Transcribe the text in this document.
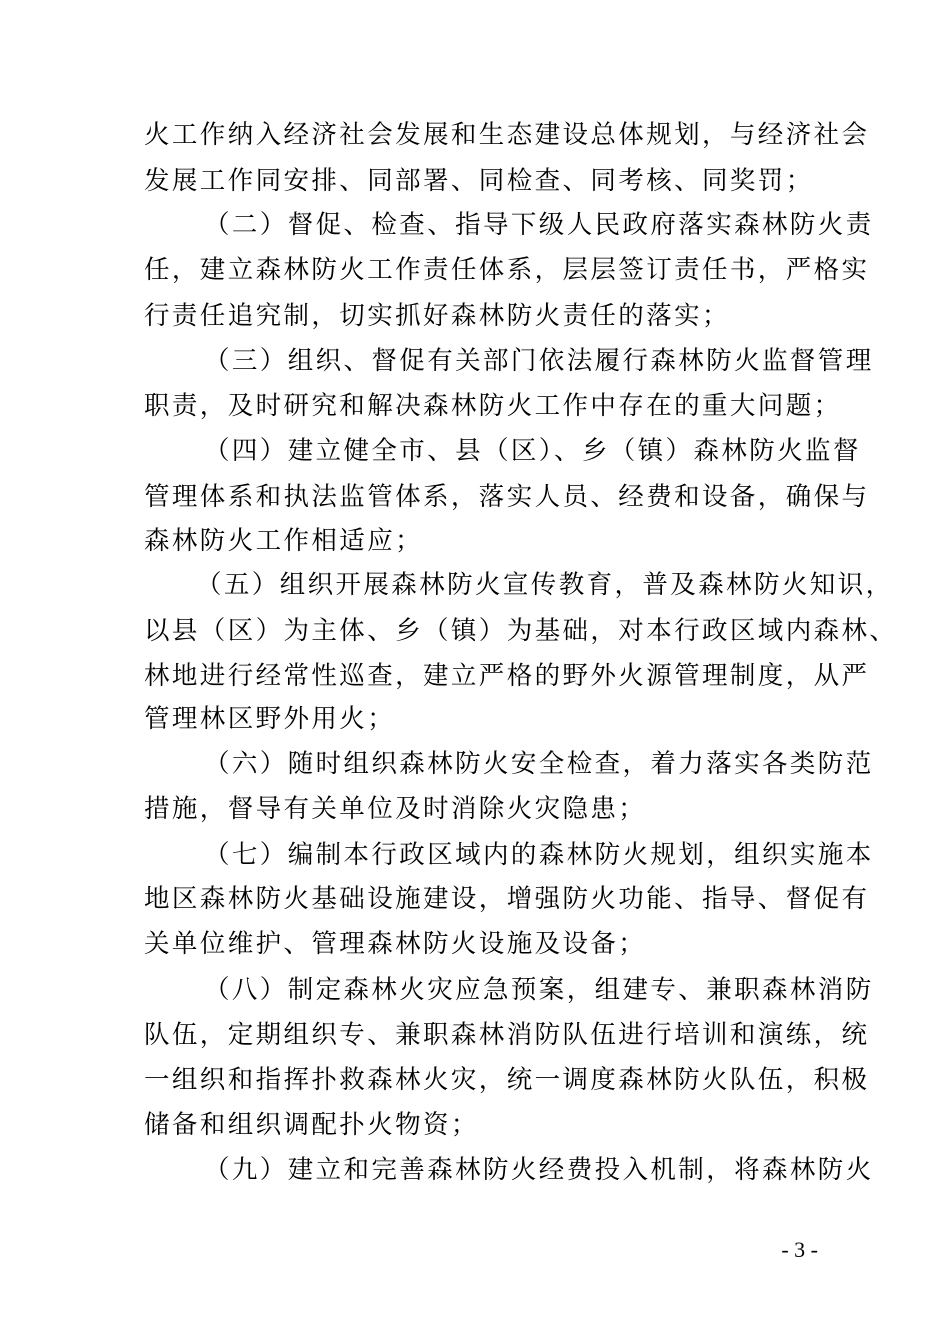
火工作纳入经济社会发展和生态建设总体规划，与经济社会
发展工作同安排、同部署、同检查、同考核、同奖罚；
（二）督促、检查、指导下级人民政府落实森林防火责
任，建立森林防火工作责任体系，层层签订责任书，严格实
行责任追究制，切实抓好森林防火责任的落实；
（三）组织、督促有关部门依法履行森林防火监督管理
职责，及时研究和解决森林防火工作中存在的重大问题；
（四）建立健全市、县（区）、乡（镇）森林防火监督
管理体系和执法监管体系，落实人员、经费和设备，确保与
森林防火工作相适应；
（五）组织开展森林防火宣传教育，普及森林防火知识，
以县（区）为主体、乡（镇）为基础，对本行政区域内森林、
林地进行经常性巡查，建立严格的野外火源管理制度，从严
管理林区野外用火；
（六）随时组织森林防火安全检查，着力落实各类防范
措施，督导有关单位及时消除火灾隐患；
（七）编制本行政区域内的森林防火规划，组织实施本
地区森林防火基础设施建设，增强防火功能、指导、督促有
关单位维护、管理森林防火设施及设备；
（八）制定森林火灾应急预案，组建专、兼职森林消防
队伍，定期组织专、兼职森林消防队伍进行培训和演练，统
一组织和指挥扑救森林火灾，统一调度森林防火队伍，积极
储备和组织调配扑火物资；
（九）建立和完善森林防火经费投入机制，将森林防火
- 3 -
